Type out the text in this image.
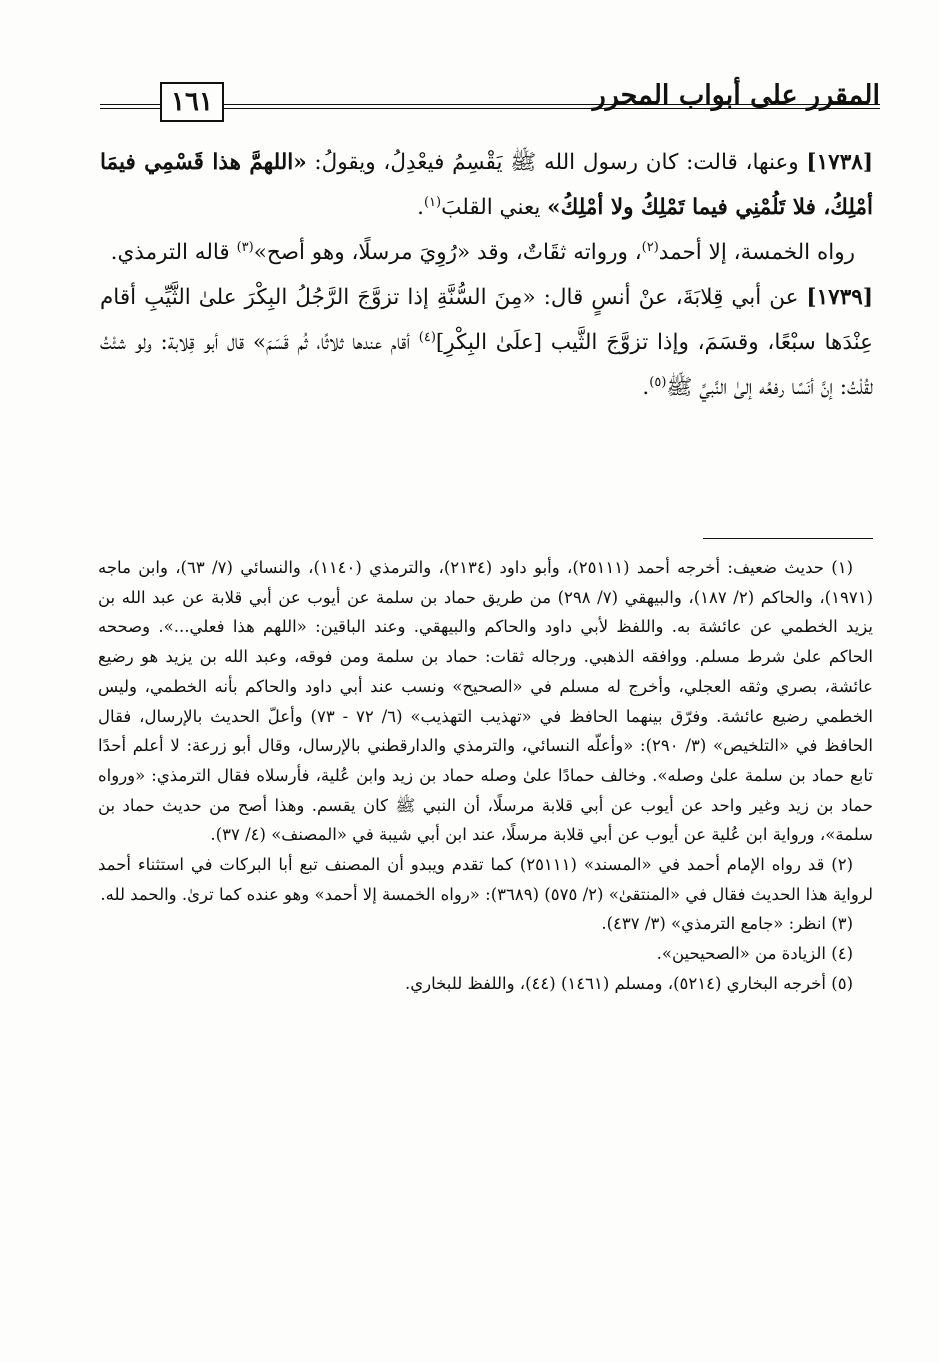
١٦١	المقرر على أبواب المحرر

[١٧٣٨] وعنها، قالت: كان رسول الله ﷺ يَقْسِمُ فيعْدِلُ، ويقولُ: «اللهمَّ هذا قَسْمِي فيمَا أمْلِكُ، فلا تَلُمْنِي فيما تَمْلِكُ ولا أمْلِكُ» يعني القلبَ$^{(١)}$.

رواه الخمسة، إلا أحمد$^{(٢)}$، ورواته ثقَاتٌ، وقد «رُوِيَ مرسلًا، وهو أصح»$^{(٣)}$ قاله الترمذي.

[١٧٣٩] عن أبي قِلابَةَ، عنْ أنسٍ قال: «مِنَ السُّنَّةِ إذا تزوَّجَ الرَّجُلُ البِكْرَ علىٰ الثَّيِّبِ أقام عِنْدَها سبْعًا، وقسَمَ، وإذا تزوَّجَ الثَّيب [علَىٰ البِكْرِ]$^{(٤)}$ أقام عندها ثلاثًا، ثُم قَسَمَ» قال أبو قِلابة: ولو شئْتُ لقُلْتُ: إنَّ أنَسًا رفعُه إلىٰ النَّبيِّ ﷺ$^{(٥)}$.

(١) حديث ضعيف: أخرجه أحمد (٢٥١١١)، وأبو داود (٢١٣٤)، والترمذي (١١٤٠)، والنسائي (٧/ ٦٣)، وابن ماجه (١٩٧١)، والحاكم (٢/ ١٨٧)، والبيهقي (٧/ ٢٩٨) من طريق حماد بن سلمة عن أيوب عن أبي قلابة عن عبد الله بن يزيد الخطمي عن عائشة به. واللفظ لأبي داود والحاكم والبيهقي. وعند الباقين: «اللهم هذا فعلي...». وصححه الحاكم علىٰ شرط مسلم. ووافقه الذهبي. ورجاله ثقات: حماد بن سلمة ومن فوقه، وعبد الله بن يزيد هو رضيع عائشة، بصري وثقه العجلي، وأخرج له مسلم في «الصحيح» ونسب عند أبي داود والحاكم بأنه الخطمي، وليس الخطمي رضيع عائشة. وفرّق بينهما الحافظ في «تهذيب التهذيب» (٦/ ٧٢ - ٧٣) وأعلّ الحديث بالإرسال، فقال الحافظ في «التلخيص» (٣/ ٢٩٠): «وأعلّه النسائي، والترمذي والدارقطني بالإرسال، وقال أبو زرعة: لا أعلم أحدًا تابع حماد بن سلمة علىٰ وصله». وخالف حمادًا علىٰ وصله حماد بن زيد وابن عُلية، فأرسلاه فقال الترمذي: «ورواه حماد بن زيد وغير واحد عن أيوب عن أبي قلابة مرسلًا، أن النبي ﷺ كان يقسم. وهذا أصح من حديث حماد بن سلمة»، ورواية ابن عُلية عن أيوب عن أبي قلابة مرسلًا، عند ابن أبي شيبة في «المصنف» (٤/ ٣٧).

(٢) قد رواه الإمام أحمد في «المسند» (٢٥١١١) كما تقدم ويبدو أن المصنف تبع أبا البركات في استثناء أحمد لرواية هذا الحديث فقال في «المنتقىٰ» (٢/ ٥٧٥) (٣٦٨٩): «رواه الخمسة إلا أحمد» وهو عنده كما ترىٰ. والحمد لله.

(٣) انظر: «جامع الترمذي» (٣/ ٤٣٧).

(٤) الزيادة من «الصحيحين».

(٥) أخرجه البخاري (٥٢١٤)، ومسلم (١٤٦١) (٤٤)، واللفظ للبخاري.
